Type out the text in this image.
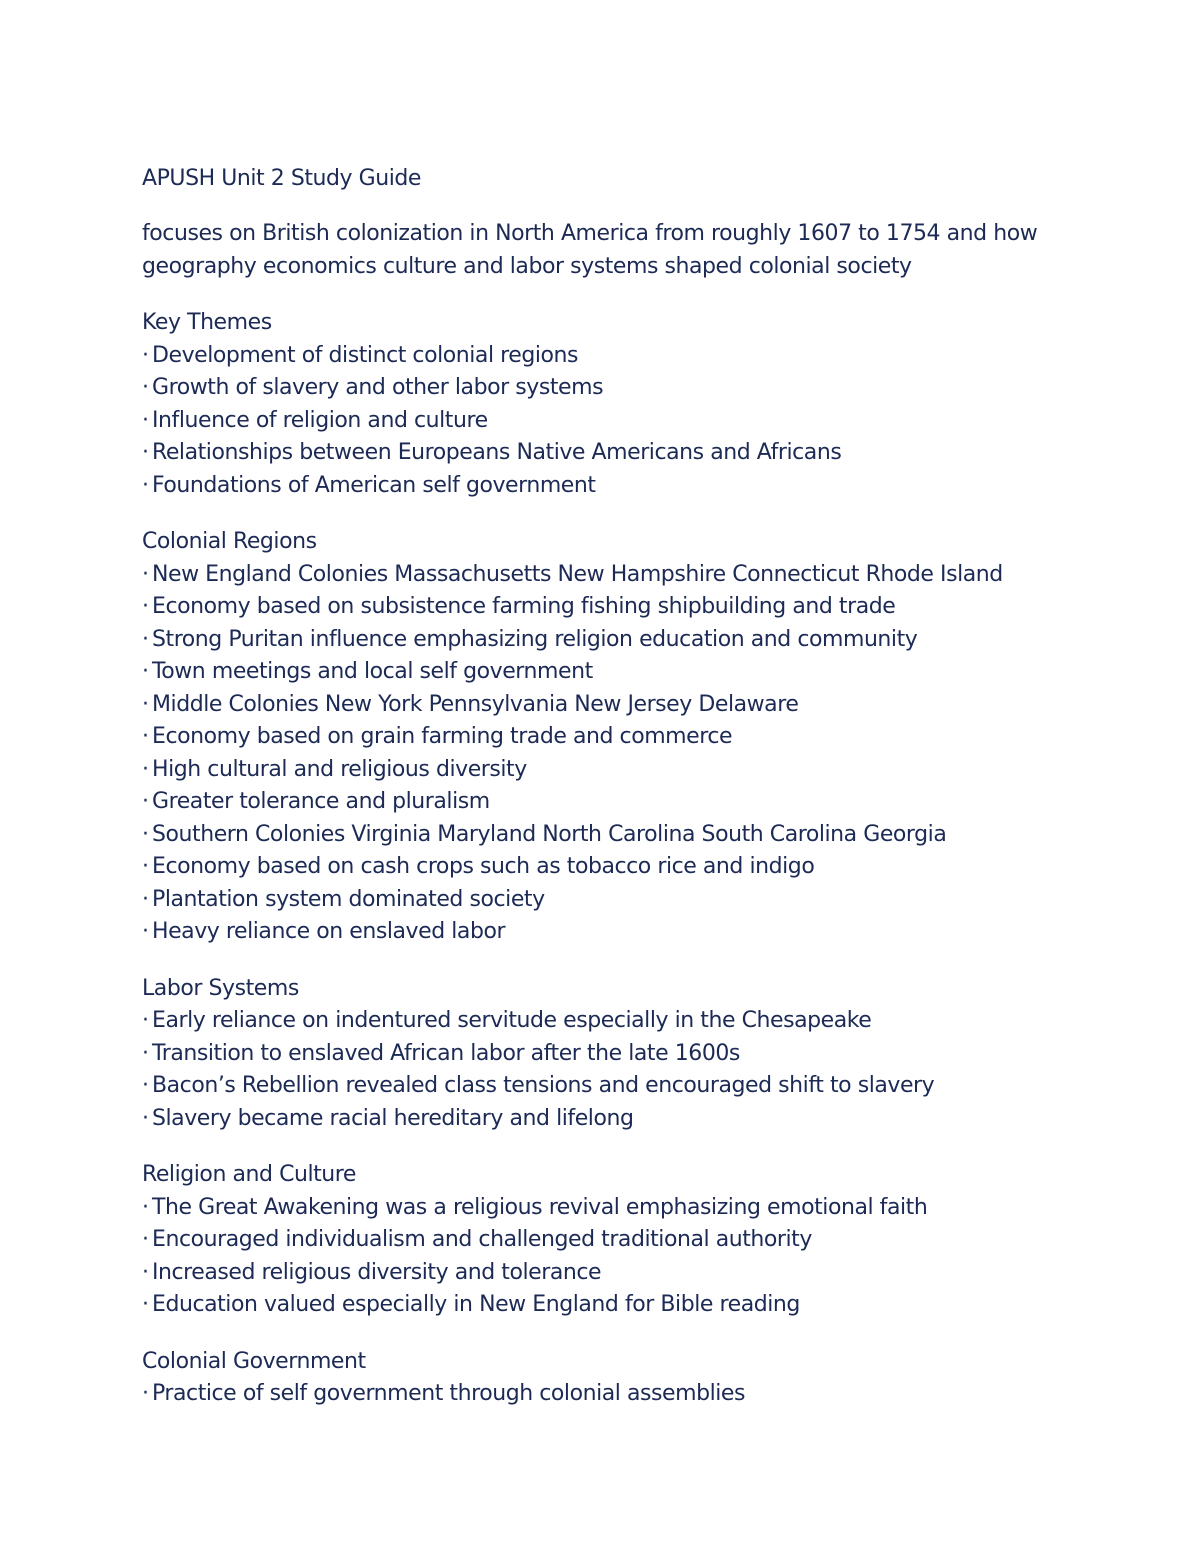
APUSH Unit 2 Study Guide

focuses on British colonization in North America from roughly 1607 to 1754 and how

geography economics culture and labor systems shaped colonial society

Key Themes
· Development of distinct colonial regions
· Growth of slavery and other labor systems
· Influence of religion and culture
· Relationships between Europeans Native Americans and Africans
· Foundations of American self government
Colonial Regions
· New England Colonies Massachusetts New Hampshire Connecticut Rhode Island
· Economy based on subsistence farming fishing shipbuilding and trade
· Strong Puritan influence emphasizing religion education and community
· Town meetings and local self government
· Middle Colonies New York Pennsylvania New Jersey Delaware
· Economy based on grain farming trade and commerce
· High cultural and religious diversity
· Greater tolerance and pluralism
· Southern Colonies Virginia Maryland North Carolina South Carolina Georgia
· Economy based on cash crops such as tobacco rice and indigo
· Plantation system dominated society
· Heavy reliance on enslaved labor
Labor Systems
· Early reliance on indentured servitude especially in the Chesapeake
· Transition to enslaved African labor after the late 1600s
· Bacon’s Rebellion revealed class tensions and encouraged shift to slavery
· Slavery became racial hereditary and lifelong
Religion and Culture
· The Great Awakening was a religious revival emphasizing emotional faith
· Encouraged individualism and challenged traditional authority
· Increased religious diversity and tolerance
· Education valued especially in New England for Bible reading
Colonial Government
· Practice of self government through colonial assemblies
